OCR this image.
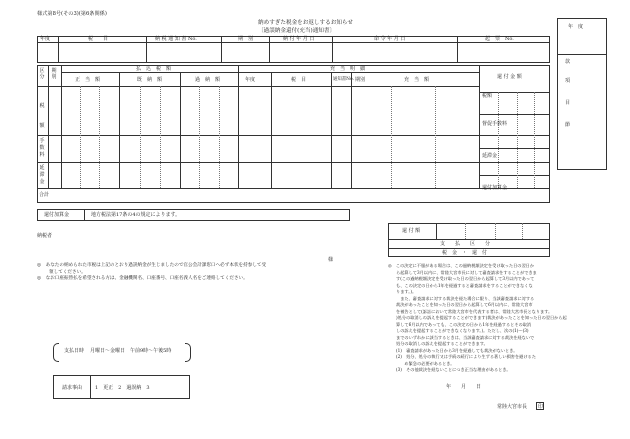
様式第8号(その3)(第6条関係)
納めすぎた税金をお返しするお知らせ
〔過誤納金還付(充当)通知書〕
年　度
款
項
目
節
年度	税　　目	納 税 通 知 書 No.	期　別	納 付 年 月 日	命 令 年 月 日	起　票　No.
区分
期別
払　込　税　額	充　当　明　細
還 付 金 額
正　当　額	既　納　額	過　納　額	年度	税　目	通知書No. 期別	充　当　額
税額
手数料
延滞金
合計
税額
督促手数料
延滞金
還付加算金
還付加算金	地方税法第17条の4の規定によります。
納税者
様
還 付 額
支　　払　　区　　分
税　金　・　還　付
◎　あなたの納められた市税は上記のとおり過誤納金が生じましたので官公会計課窓口へ必ず本状を持参して受
領してください。
◎　なお口座振替払を希望される方は、金融機関名、口座番号、口座名義人名をご連絡してください。
支払日時 月曜日〜金曜日　午前9時〜午後5時
請求事由	1　更正　2　過誤納　3
◎　この決定に不服がある場合は、この過納税額決定を受け取った日の翌日か
ら起算して3月以内に、常陸大宮市長に対して審査請求をすることができま
す(この過納税額決定を受け取った日の翌日から起算して3月以内であって
も、この決定の日から1年を経過すると審査請求をすることができなくな
ります。)。
　また、審査請求に対する裁決を経た場合に限り、当該審査請求に対する
裁決があったことを知った日の翌日から起算して6月以内に、常陸大宮市
を被告として(訴訟において常陸大宮市を代表する者は、常陸大宮市長となります。
)処分の取消しの訴えを提起することができます(裁決があったことを知った日の翌日から起
算して6月以内であっても、この決定の日から1年を経過するとその取消
しの訴えを提起することができなくなります。)。ただし、次の(1)〜(3)
までのいずれかに該当するときは、当該審査請求に対する裁決を経ないで
処分の取消しの訴えを提起することができます。
(1)　審査請求があった日から3月を経過しても裁決がないとき。
(2)　処分、処分の執行又は手続の続行により生ずる著しい損害を避けるた
　　め緊急の必要があるとき。
(3)　その他裁決を経ないことにつき正当な理由があるとき。
年　　月　　日
常陸大宮市長 印
